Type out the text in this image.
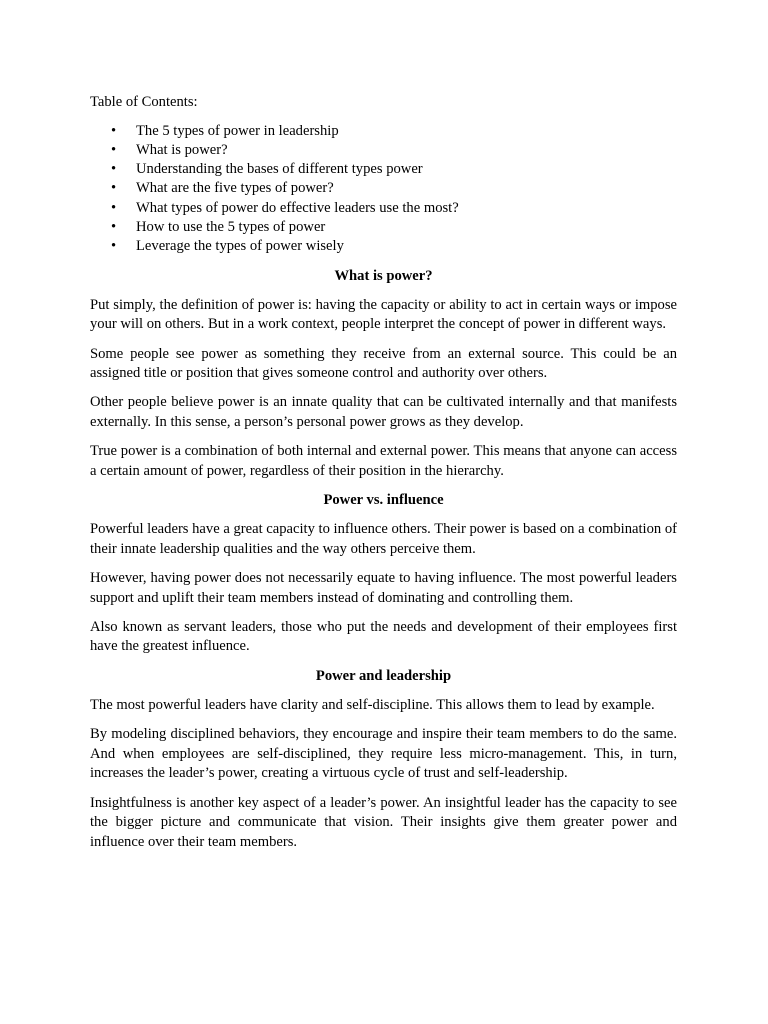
Table of Contents:
• The 5 types of power in leadership
• What is power?
• Understanding the bases of different types power
• What are the five types of power?
• What types of power do effective leaders use the most?
• How to use the 5 types of power
• Leverage the types of power wisely
What is power?

Put simply, the definition of power is: having the capacity or ability to act in certain ways or impose your will on others. But in a work context, people interpret the concept of power in different ways.

Some people see power as something they receive from an external source. This could be an assigned title or position that gives someone control and authority over others.

Other people believe power is an innate quality that can be cultivated internally and that manifests externally. In this sense, a person’s personal power grows as they develop.

True power is a combination of both internal and external power. This means that anyone can access a certain amount of power, regardless of their position in the hierarchy.

Power vs. influence

Powerful leaders have a great capacity to influence others. Their power is based on a combination of their innate leadership qualities and the way others perceive them.

However, having power does not necessarily equate to having influence. The most powerful leaders support and uplift their team members instead of dominating and controlling them.

Also known as servant leaders, those who put the needs and development of their employees first have the greatest influence.

Power and leadership

The most powerful leaders have clarity and self-discipline. This allows them to lead by example.

By modeling disciplined behaviors, they encourage and inspire their team members to do the same. And when employees are self-disciplined, they require less micro-management. This, in turn, increases the leader’s power, creating a virtuous cycle of trust and self-leadership.

Insightfulness is another key aspect of a leader’s power. An insightful leader has the capacity to see the bigger picture and communicate that vision. Their insights give them greater power and influence over their team members.
